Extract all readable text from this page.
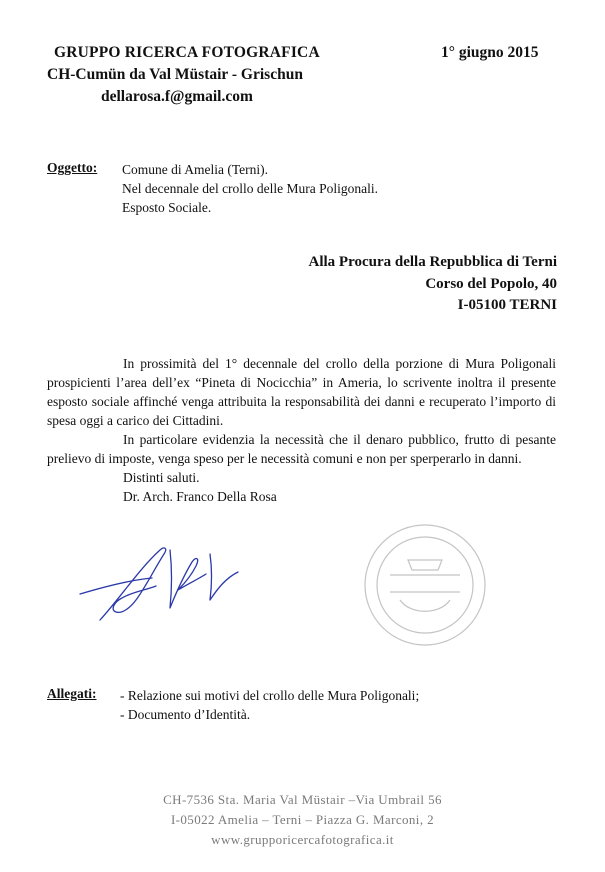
GRUPPO RICERCA FOTOGRAFICA	1° giugno 2015
CH-Cumün da Val Müstair - Grischun
dellarosa.f@gmail.com
Oggetto: Comune di Amelia (Terni).
Nel decennale del crollo delle Mura Poligonali.
Esposto Sociale.
Alla Procura della Repubblica di Terni
Corso del Popolo, 40
I-05100 TERNI

In prossimità del 1° decennale del crollo della porzione di Mura Poligonali prospicienti l’area dell’ex “Pineta di Nocicchia” in Ameria, lo scrivente inoltra il presente esposto sociale affinché venga attribuita la responsabilità dei danni e recuperato l’importo di spesa oggi a carico dei Cittadini.

In particolare evidenzia la necessità che il denaro pubblico, frutto di pesante prelievo di imposte, venga speso per le necessità comuni e non per sperperarlo in danni.

Distinti saluti.
Dr. Arch. Franco Della Rosa
Allegati: - Relazione sui motivi del crollo delle Mura Poligonali;
- Documento d’Identità.
CH-7536 Sta. Maria Val Müstair –Via Umbrail 56
I-05022 Amelia – Terni – Piazza G. Marconi, 2
www.grupporicercafotografica.it
